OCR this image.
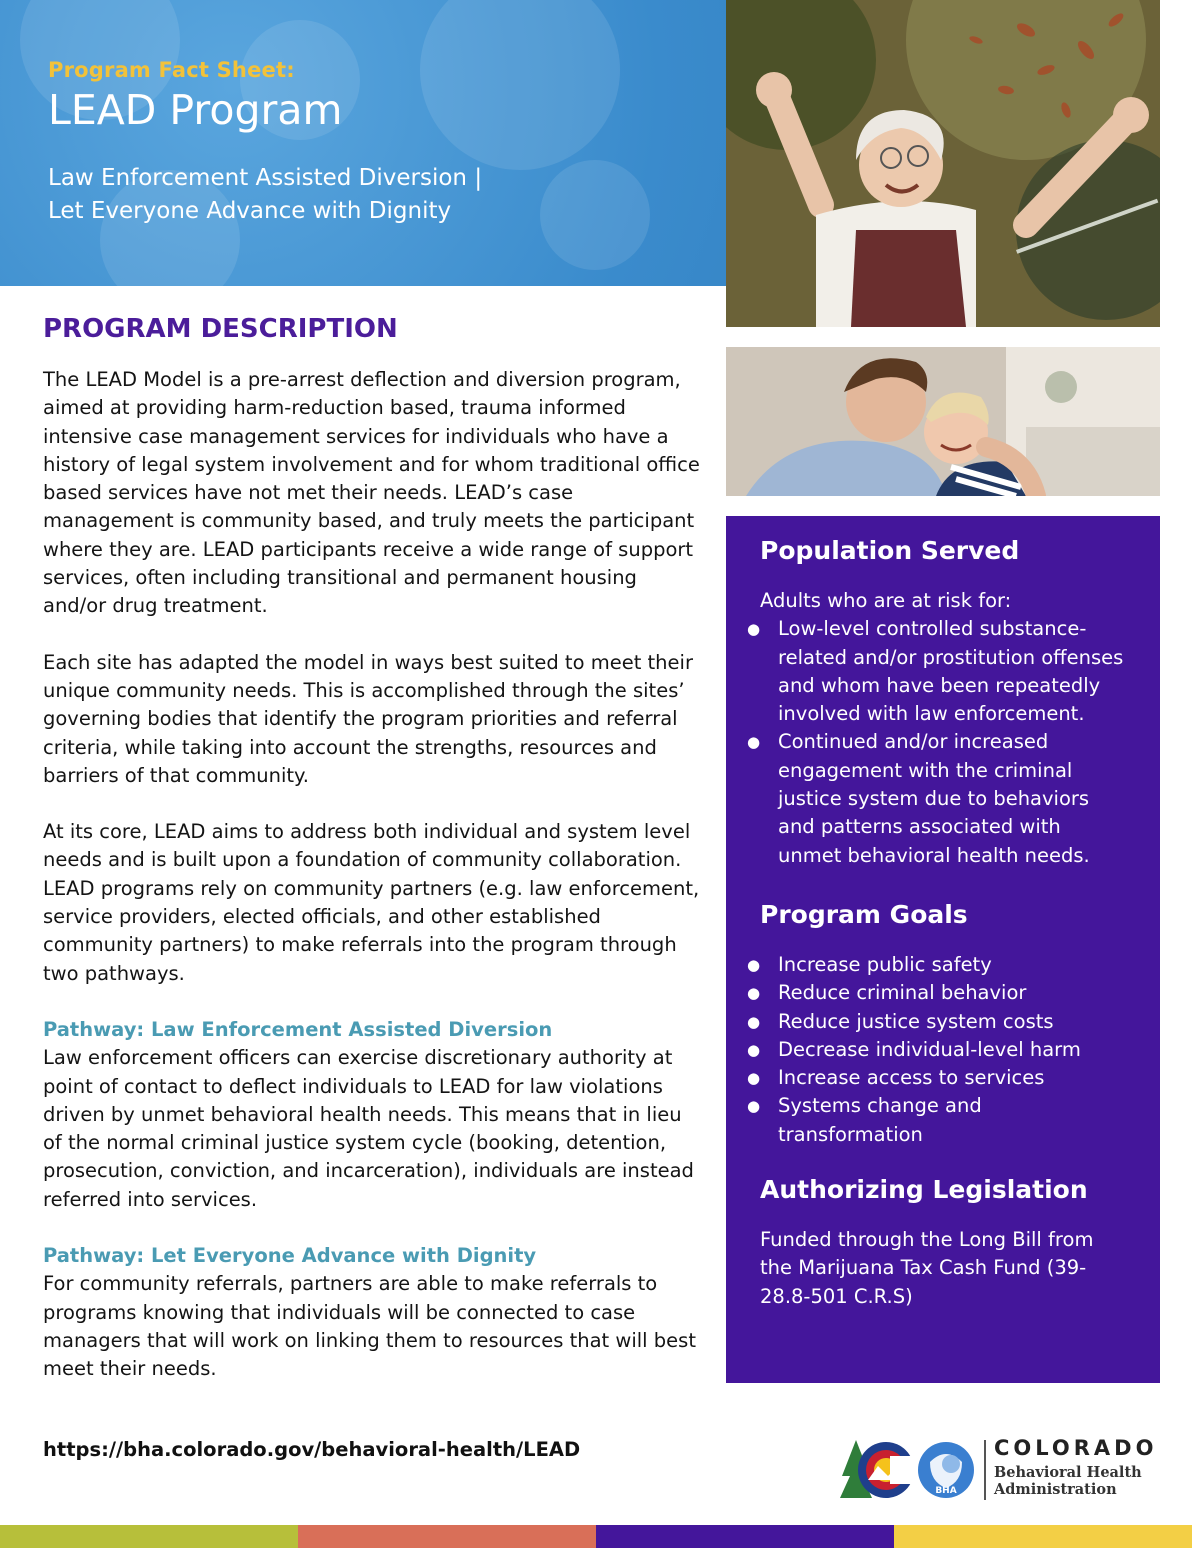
Program Fact Sheet:
LEAD Program
Law Enforcement Assisted Diversion |
Let Everyone Advance with Dignity
PROGRAM DESCRIPTION

The LEAD Model is a pre-arrest deflection and diversion program, aimed at providing harm-reduction based, trauma informed intensive case management services for individuals who have a history of legal system involvement and for whom traditional office based services have not met their needs. LEAD’s case management is community based, and truly meets the participant where they are. LEAD participants receive a wide range of support services, often including transitional and permanent housing and/or drug treatment.

Each site has adapted the model in ways best suited to meet their unique community needs. This is accomplished through the sites’ governing bodies that identify the program priorities and referral criteria, while taking into account the strengths, resources and barriers of that community.

At its core, LEAD aims to address both individual and system level needs and is built upon a foundation of community collaboration. LEAD programs rely on community partners (e.g. law enforcement, service providers, elected officials, and other established community partners) to make referrals into the program through two pathways.

Pathway: Law Enforcement Assisted Diversion

Law enforcement officers can exercise discretionary authority at point of contact to deflect individuals to LEAD for law violations driven by unmet behavioral health needs. This means that in lieu of the normal criminal justice system cycle (booking, detention, prosecution, conviction, and incarceration), individuals are instead referred into services.

Pathway: Let Everyone Advance with Dignity

For community referrals, partners are able to make referrals to programs knowing that individuals will be connected to case managers that will work on linking them to resources that will best meet their needs.

https://bha.colorado.gov/behavioral-health/LEAD
Population Served
Adults who are at risk for:
● Low-level controlled substance-related and/or prostitution offenses and whom have been repeatedly involved with law enforcement.
● Continued and/or increased engagement with the criminal justice system due to behaviors and patterns associated with unmet behavioral health needs.
Program Goals
● Increase public safety
● Reduce criminal behavior
● Reduce justice system costs
● Decrease individual-level harm
● Increase access to services
● Systems change and transformation
Authorizing Legislation
Funded through the Long Bill from the Marijuana Tax Cash Fund (39-28.8-501 C.R.S)
BHA
COLORADO
Behavioral Health
Administration
